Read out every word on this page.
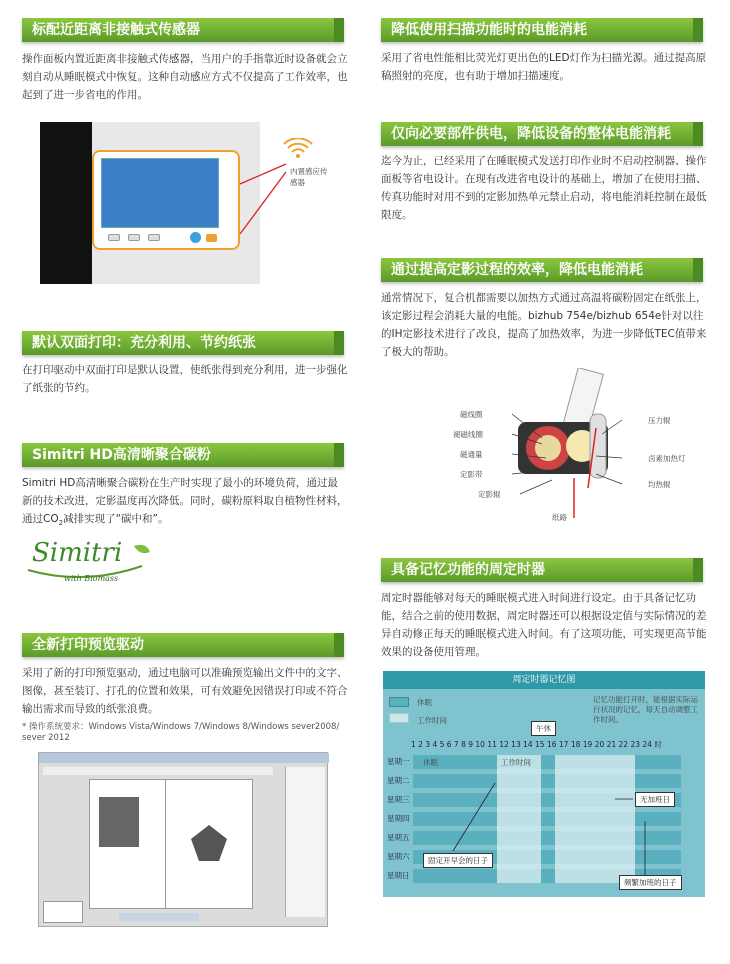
标配近距离非接触式传感器
操作面板内置近距离非接触式传感器，当用户的手指靠近时设备就会立刻自动从睡眠模式中恢复。这种自动感应方式不仅提高了工作效率，也起到了进一步省电的作用。
内置感应传感器
默认双面打印：充分利用、节约纸张
在打印驱动中双面打印是默认设置，使纸张得到充分利用，进一步强化了纸张的节约。
Simitri HD高清晰聚合碳粉
Simitri HD高清晰聚合碳粉在生产时实现了最小的环境负荷，通过最新的技术改进，定影温度再次降低。同时，碳粉原料取自植物性材料，通过$CO_2$减排实现了“碳中和”。
Simitri
with Biomass
全新打印预览驱动
采用了新的打印预览驱动，通过电脑可以准确预览输出文件中的文字、图像，甚至装订、打孔的位置和效果，可有效避免因错误打印或不符合输出需求而导致的纸张浪费。
* 操作系统要求：Windows Vista/Windows 7/Windows 8/Windows sever2008/ sever 2012
降低使用扫描功能时的电能消耗
采用了省电性能相比荧光灯更出色的LED灯作为扫描光源。通过提高原稿照射的亮度，也有助于增加扫描速度。
仅向必要部件供电，降低设备的整体电能消耗
迄今为止，已经采用了在睡眠模式发送打印作业时不启动控制器、操作面板等省电设计。在现有改进省电设计的基础上，增加了在使用扫描、传真功能时对用不到的定影加热单元禁止启动，将电能消耗控制在最低限度。
通过提高定影过程的效率，降低电能消耗
通常情况下，复合机都需要以加热方式通过高温将碳粉固定在纸张上，该定影过程会消耗大量的电能。bizhub 754e/bizhub 654e针对以往的IH定影技术进行了改良，提高了加热效率，为进一步降低TEC值带来了极大的帮助。
磁线圈
褪磁线圈
磁通量
定影带
定影辊
压力辊
卤素加热灯
均热辊
纸路
具备记忆功能的周定时器
周定时器能够对每天的睡眠模式进入时间进行设定。由于具备记忆功能，结合之前的使用数据，周定时器还可以根据设定值与实际情况的差异自动修正每天的睡眠模式进入时间。有了这项功能，可实现更高节能效果的设备使用管理。
周定时器记忆图
休眠
工作时间
记忆功能打开时，能根据实际运行状况的记忆，每天自动调整工作时间。
午休
1 2 3 4 5 6 7 8 9 10 11 12 13 14 15 16 17 18 19 20 21 22 23 24 时
星期一
星期二
星期三
星期四
星期五
星期六
星期日
休眠	工作时间
无加班日
固定开早会的日子
频繁加班的日子
